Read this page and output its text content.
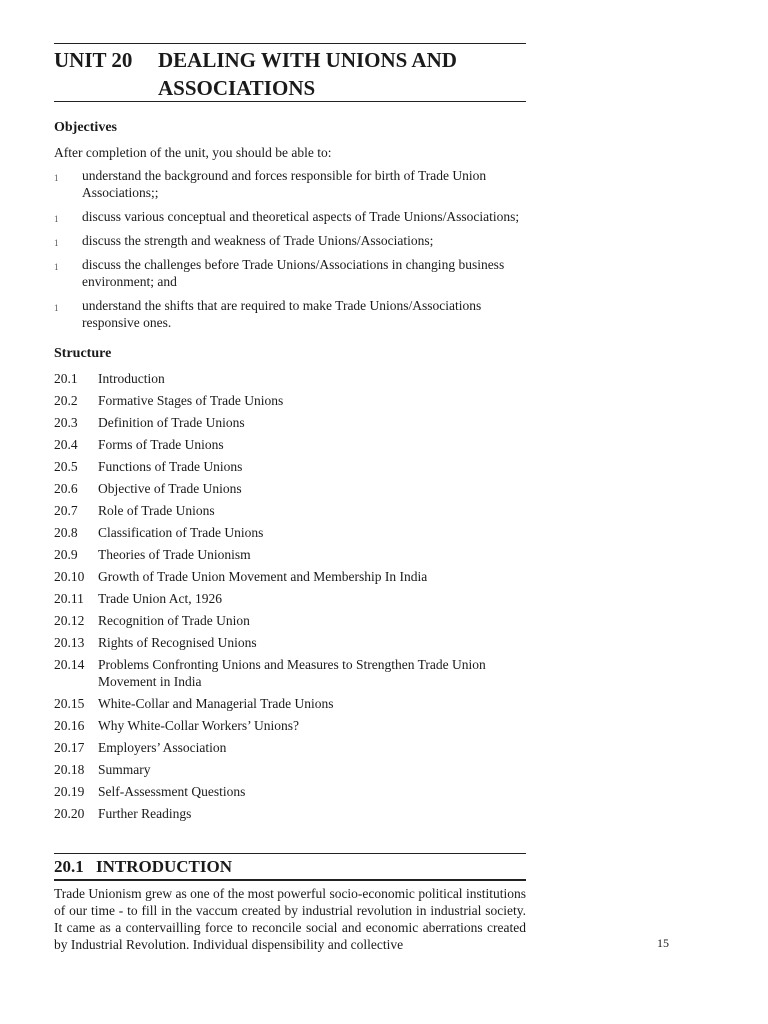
UNIT 20 DEALING WITH UNIONS AND ASSOCIATIONS
Objectives
After completion of the unit, you should be able to:
1 understand the background and forces responsible for birth of Trade Union Associations;;
1 discuss various conceptual and theoretical aspects of Trade Unions/Associations;
1 discuss the strength and weakness of Trade Unions/Associations;
1 discuss the challenges before Trade Unions/Associations in changing business environment; and
1 understand the shifts that are required to make Trade Unions/Associations responsive ones.
Structure
20.1 Introduction
20.2 Formative Stages of Trade Unions
20.3 Definition of Trade Unions
20.4 Forms of Trade Unions
20.5 Functions of Trade Unions
20.6 Objective of Trade Unions
20.7 Role of Trade Unions
20.8 Classification of Trade Unions
20.9 Theories of Trade Unionism
20.10 Growth of Trade Union Movement and Membership In India
20.11 Trade Union Act, 1926
20.12 Recognition of Trade Union
20.13 Rights of Recognised Unions
20.14 Problems Confronting Unions and Measures to Strengthen Trade Union Movement in India
20.15 White-Collar and Managerial Trade Unions
20.16 Why White-Collar Workers’ Unions?
20.17 Employers’ Association
20.18 Summary
20.19 Self-Assessment Questions
20.20 Further Readings
20.1 INTRODUCTION
Trade Unionism grew as one of the most powerful socio-economic political institutions of our time - to fill in the vaccum created by industrial revolution in industrial society. It came as a contervailling force to reconcile social and economic aberrations created by Industrial Revolution. Individual dispensibility and collective	15
